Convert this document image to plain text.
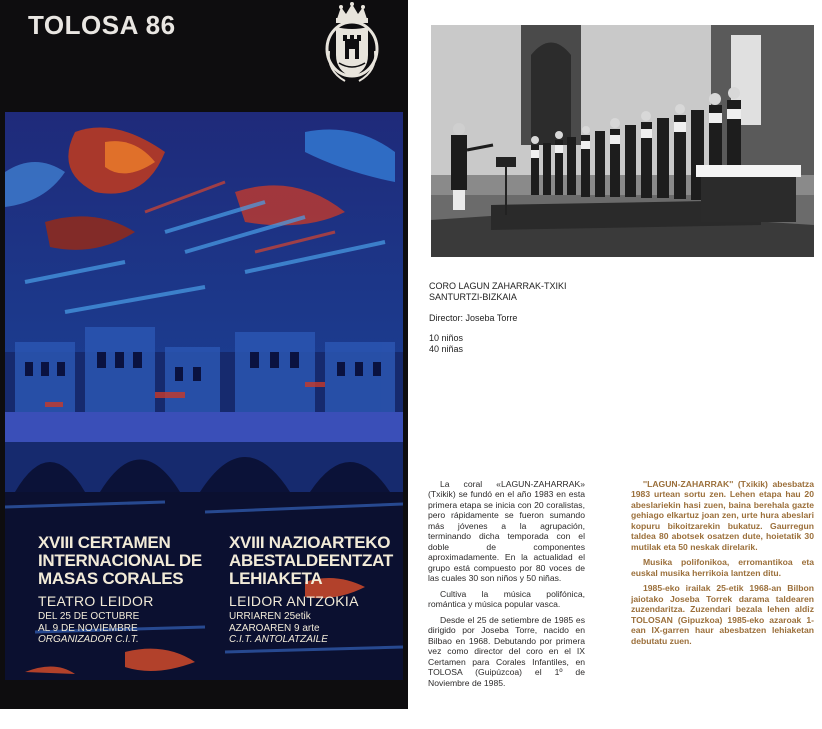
TOLOSA 86
XVIII CERTAMEN
INTERNACIONAL DE
MASAS CORALES
TEATRO LEIDOR
DEL 25 DE OCTUBRE
AL 9 DE NOVIEMBRE
ORGANIZADOR C.I.T.
XVIII NAZIOARTEKO
ABESTALDEENTZAT
LEHIAKETA
LEIDOR ANTZOKIA
URRIAREN 25etik
AZAROAREN 9 arte
C.I.T. ANTOLATZAILE
CORO LAGUN ZAHARRAK-TXIKI
SANTURTZI-BIZKAIA
Director: Joseba Torre
10 niños
40 niñas

La coral «LAGUN-ZAHARRAK» (Txikik) se fundó en el año 1983 en esta primera etapa se inicia con 20 coralistas, pero rápidamente se fueron sumando más jóvenes a la agrupación, terminando dicha temporada con el doble de componentes aproximadamente. En la actualidad el grupo está compuesto por 80 voces de las cuales 30 son niños y 50 niñas.

Cultiva la música polifónica, romántica y música popular vasca.

Desde el 25 de setiembre de 1985 es dirigido por Joseba Torre, nacido en Bilbao en 1968. Debutando por primera vez como director del coro en el IX Certamen para Corales Infantiles, en TOLOSA (Guipúzcoa) el 1º de Noviembre de 1985.

''LAGUN-ZAHARRAK'' (Txikik) abesbatza 1983 urtean sortu zen. Lehen etapa hau 20 abeslariekin hasi zuen, baina berehala gazte gehiago elkartuz joan zen, urte hura abeslari kopuru bikoitzarekin bukatuz. Gaurregun taldea 80 abotsek osatzen dute, hoietatik 30 mutilak eta 50 neskak direlarik.

Musika polifonikoa, erromantikoa eta euskal musika herrikoia lantzen ditu.

1985-eko irailak 25-etik 1968-an Bilbon jaiotako Joseba Torrek darama taldearen zuzendaritza. Zuzendari bezala lehen aldiz TOLOSAN (Gipuzkoa) 1985-eko azaroak 1-ean IX-garren haur abesbatzen lehiaketan debutatu zuen.
